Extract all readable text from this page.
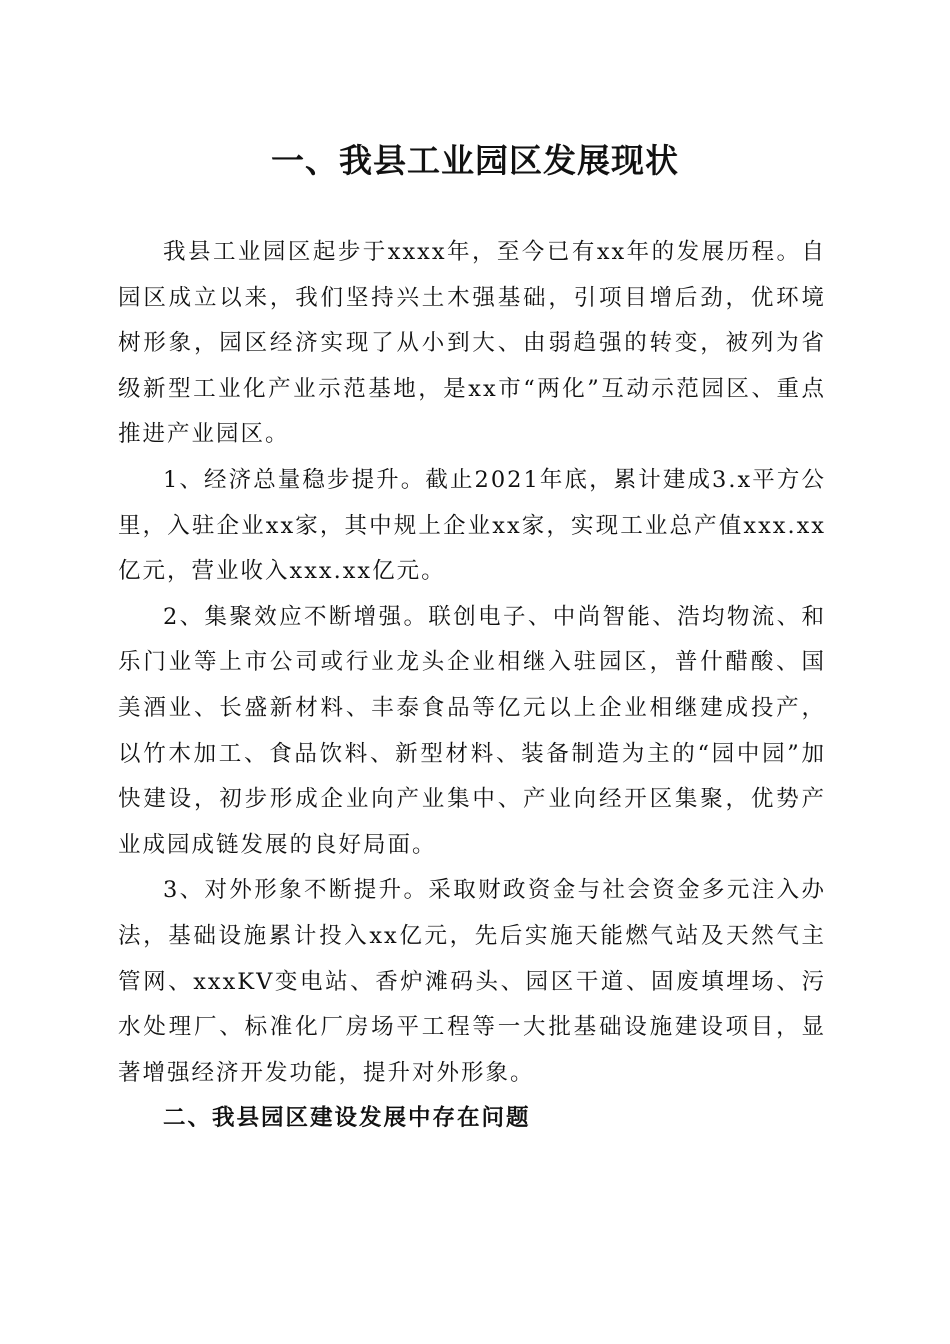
一、我县工业园区发展现状

我县工业园区起步于xxxx年，至今已有xx年的发展历程。自园区成立以来，我们坚持兴土木强基础，引项目增后劲，优环境树形象，园区经济实现了从小到大、由弱趋强的转变，被列为省级新型工业化产业示范基地，是xx市“两化”互动示范园区、重点推进产业园区。

1、经济总量稳步提升。截止2021年底，累计建成3.x平方公里，入驻企业xx家，其中规上企业xx家，实现工业总产值xxx.xx亿元，营业收入xxx.xx亿元。

2、集聚效应不断增强。联创电子、中尚智能、浩均物流、和乐门业等上市公司或行业龙头企业相继入驻园区，普什醋酸、国美酒业、长盛新材料、丰泰食品等亿元以上企业相继建成投产，以竹木加工、食品饮料、新型材料、装备制造为主的“园中园”加快建设，初步形成企业向产业集中、产业向经开区集聚，优势产业成园成链发展的良好局面。

3、对外形象不断提升。采取财政资金与社会资金多元注入办法，基础设施累计投入xx亿元，先后实施天能燃气站及天然气主管网、xxxKV变电站、香炉滩码头、园区干道、固废填埋场、污水处理厂、标准化厂房场平工程等一大批基础设施建设项目，显著增强经济开发功能，提升对外形象。

二、我县园区建设发展中存在问题
